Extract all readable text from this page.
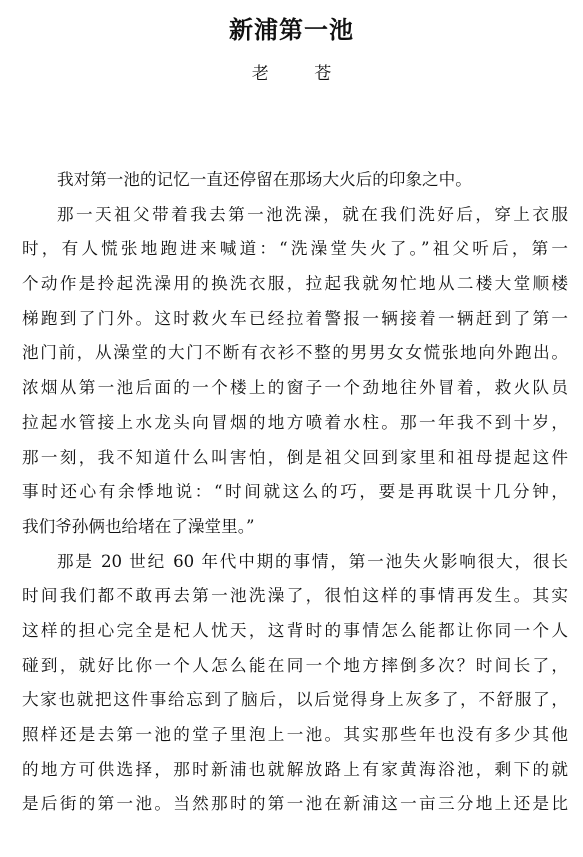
新浦第一池
老 苍
我对第一池的记忆一直还停留在那场大火后的印象之中。
那一天祖父带着我去第一池洗澡，就在我们洗好后，穿上衣服
时，有人慌张地跑进来喊道：“洗澡堂失火了。”祖父听后，第一
个动作是拎起洗澡用的换洗衣服，拉起我就匆忙地从二楼大堂顺楼
梯跑到了门外。这时救火车已经拉着警报一辆接着一辆赶到了第一
池门前，从澡堂的大门不断有衣衫不整的男男女女慌张地向外跑出。
浓烟从第一池后面的一个楼上的窗子一个劲地往外冒着，救火队员
拉起水管接上水龙头向冒烟的地方喷着水柱。那一年我不到十岁，
那一刻，我不知道什么叫害怕，倒是祖父回到家里和祖母提起这件
事时还心有余悸地说：“时间就这么的巧，要是再耽误十几分钟，
我们爷孙俩也给堵在了澡堂里。”
那是 20 世纪 60 年代中期的事情，第一池失火影响很大，很长
时间我们都不敢再去第一池洗澡了，很怕这样的事情再发生。其实
这样的担心完全是杞人忧天，这背时的事情怎么能都让你同一个人
碰到，就好比你一个人怎么能在同一个地方摔倒多次？时间长了，
大家也就把这件事给忘到了脑后，以后觉得身上灰多了，不舒服了，
照样还是去第一池的堂子里泡上一池。其实那些年也没有多少其他
的地方可供选择，那时新浦也就解放路上有家黄海浴池，剩下的就
是后街的第一池。当然那时的第一池在新浦这一亩三分地上还是比
